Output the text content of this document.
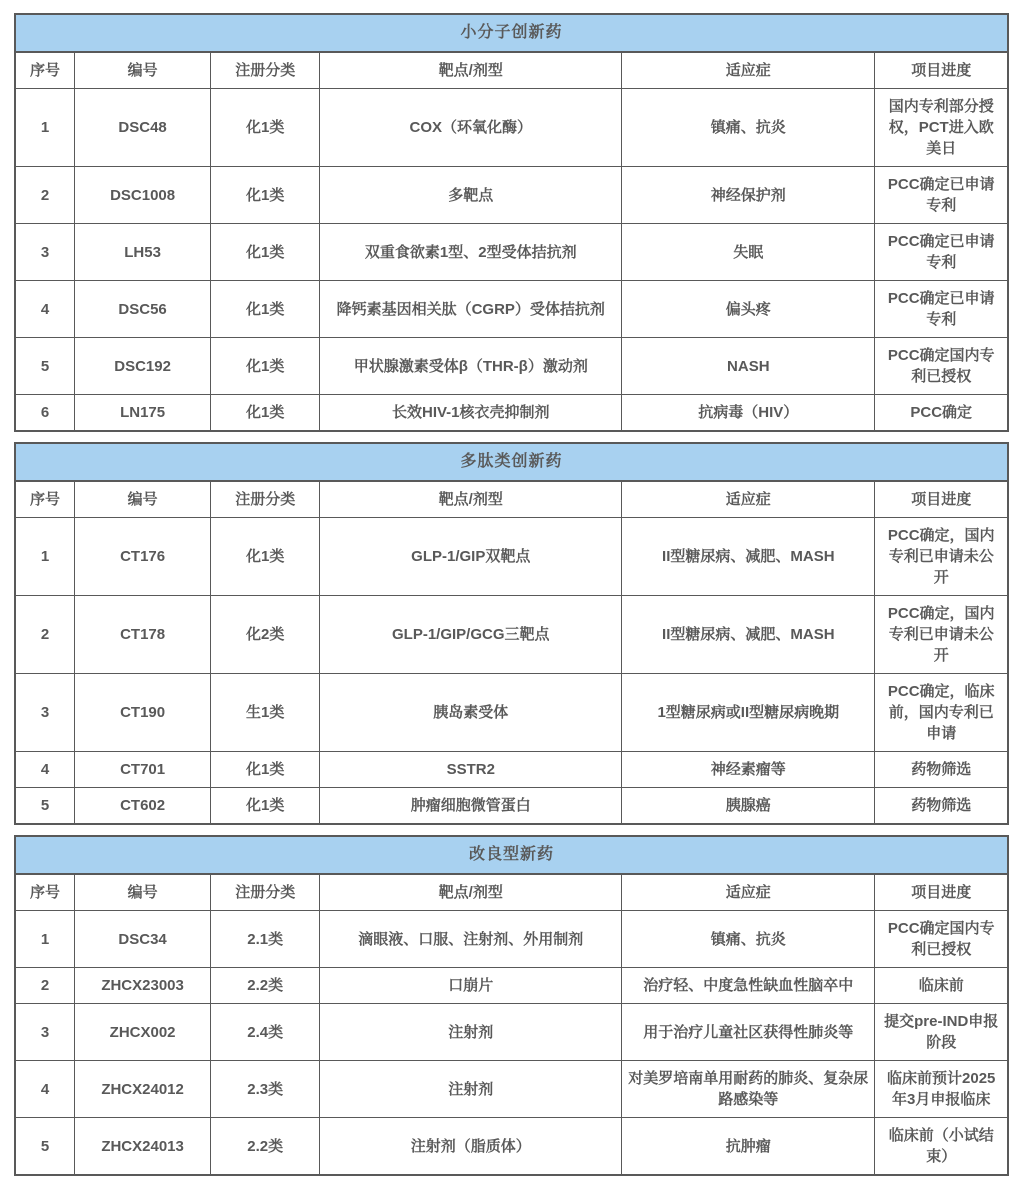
小分子创新药
序号	编号	注册分类	靶点/剂型	适应症	项目进度
1	DSC48	化1类	COX（环氧化酶）	镇痛、抗炎	国内专利部分授权，PCT进入欧美日
2	DSC1008	化1类	多靶点	神经保护剂	PCC确定已申请专利
3	LH53	化1类	双重食欲素1型、2型受体拮抗剂	失眠	PCC确定已申请专利
4	DSC56	化1类	降钙素基因相关肽（CGRP）受体拮抗剂	偏头疼	PCC确定已申请专利
5	DSC192	化1类	甲状腺激素受体β（THR-β）激动剂	NASH	PCC确定国内专利已授权
6	LN175	化1类	长效HIV-1核衣壳抑制剂	抗病毒（HIV）	PCC确定
多肽类创新药
序号	编号	注册分类	靶点/剂型	适应症	项目进度
1	CT176	化1类	GLP-1/GIP双靶点	II型糖尿病、减肥、MASH	PCC确定，国内专利已申请未公开
2	CT178	化2类	GLP-1/GIP/GCG三靶点	II型糖尿病、减肥、MASH	PCC确定，国内专利已申请未公开
3	CT190	生1类	胰岛素受体	1型糖尿病或II型糖尿病晚期	PCC确定，临床前，国内专利已申请
4	CT701	化1类	SSTR2	神经素瘤等	药物筛选
5	CT602	化1类	肿瘤细胞微管蛋白	胰腺癌	药物筛选
改良型新药
序号	编号	注册分类	靶点/剂型	适应症	项目进度
1	DSC34	2.1类	滴眼液、口服、注射剂、外用制剂	镇痛、抗炎	PCC确定国内专利已授权
2	ZHCX23003	2.2类	口崩片	治疗轻、中度急性缺血性脑卒中	临床前
3	ZHCX002	2.4类	注射剂	用于治疗儿童社区获得性肺炎等	提交pre-IND申报阶段
4	ZHCX24012	2.3类	注射剂	对美罗培南单用耐药的肺炎、复杂尿路感染等	临床前预计2025年3月申报临床
5	ZHCX24013	2.2类	注射剂（脂质体）	抗肿瘤	临床前（小试结束）
